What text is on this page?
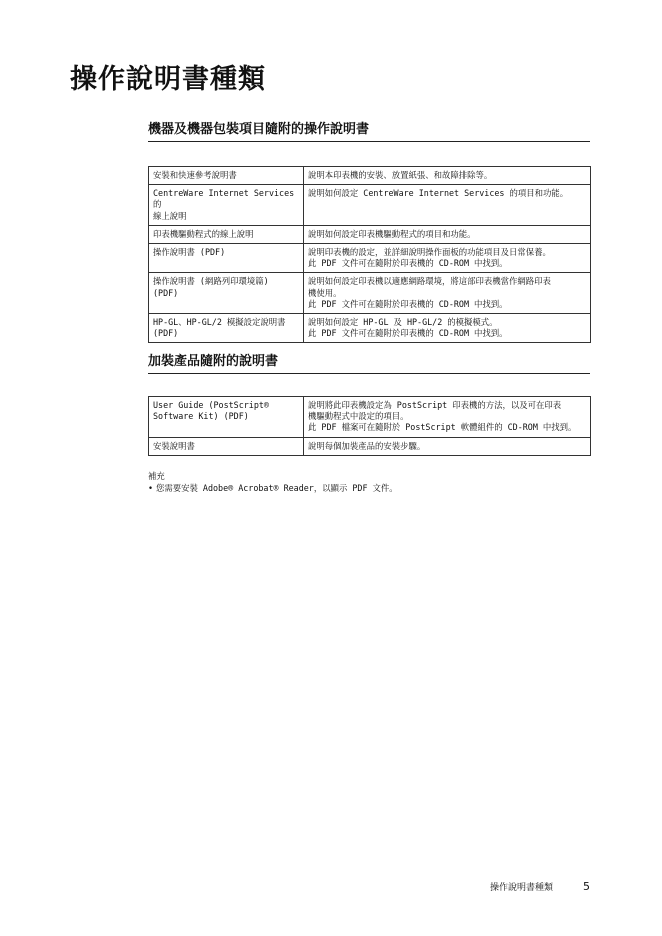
操作說明書種類
機器及機器包裝項目隨附的操作說明書
安裝和快速參考說明書	說明本印表機的安裝、放置紙張、和故障排除等。
CentreWare Internet Services 的
線上說明	說明如何設定 CentreWare Internet Services 的項目和功能。
印表機驅動程式的線上說明	說明如何設定印表機驅動程式的項目和功能。
操作說明書 (PDF)	說明印表機的設定，並詳細說明操作面板的功能項目及日常保養。
此 PDF 文件可在隨附於印表機的 CD-ROM 中找到。
操作說明書 (網路列印環境篇)
(PDF)	說明如何設定印表機以適應網路環境，將這部印表機當作網路印表
機使用。
此 PDF 文件可在隨附於印表機的 CD-ROM 中找到。
HP-GL、HP-GL/2 模擬設定說明書
(PDF)	說明如何設定 HP-GL 及 HP-GL/2 的模擬模式。
此 PDF 文件可在隨附於印表機的 CD-ROM 中找到。
加裝產品隨附的說明書
User Guide (PostScript®
Software Kit) (PDF)	說明將此印表機設定為 PostScript 印表機的方法，以及可在印表
機驅動程式中設定的項目。
此 PDF 檔案可在隨附於 PostScript 軟體組件的 CD-ROM 中找到。
安裝說明書	說明每個加裝產品的安裝步驟。
補充
• 您需要安裝 Adobe® Acrobat® Reader，以顯示 PDF 文件。
操作說明書種類	5
